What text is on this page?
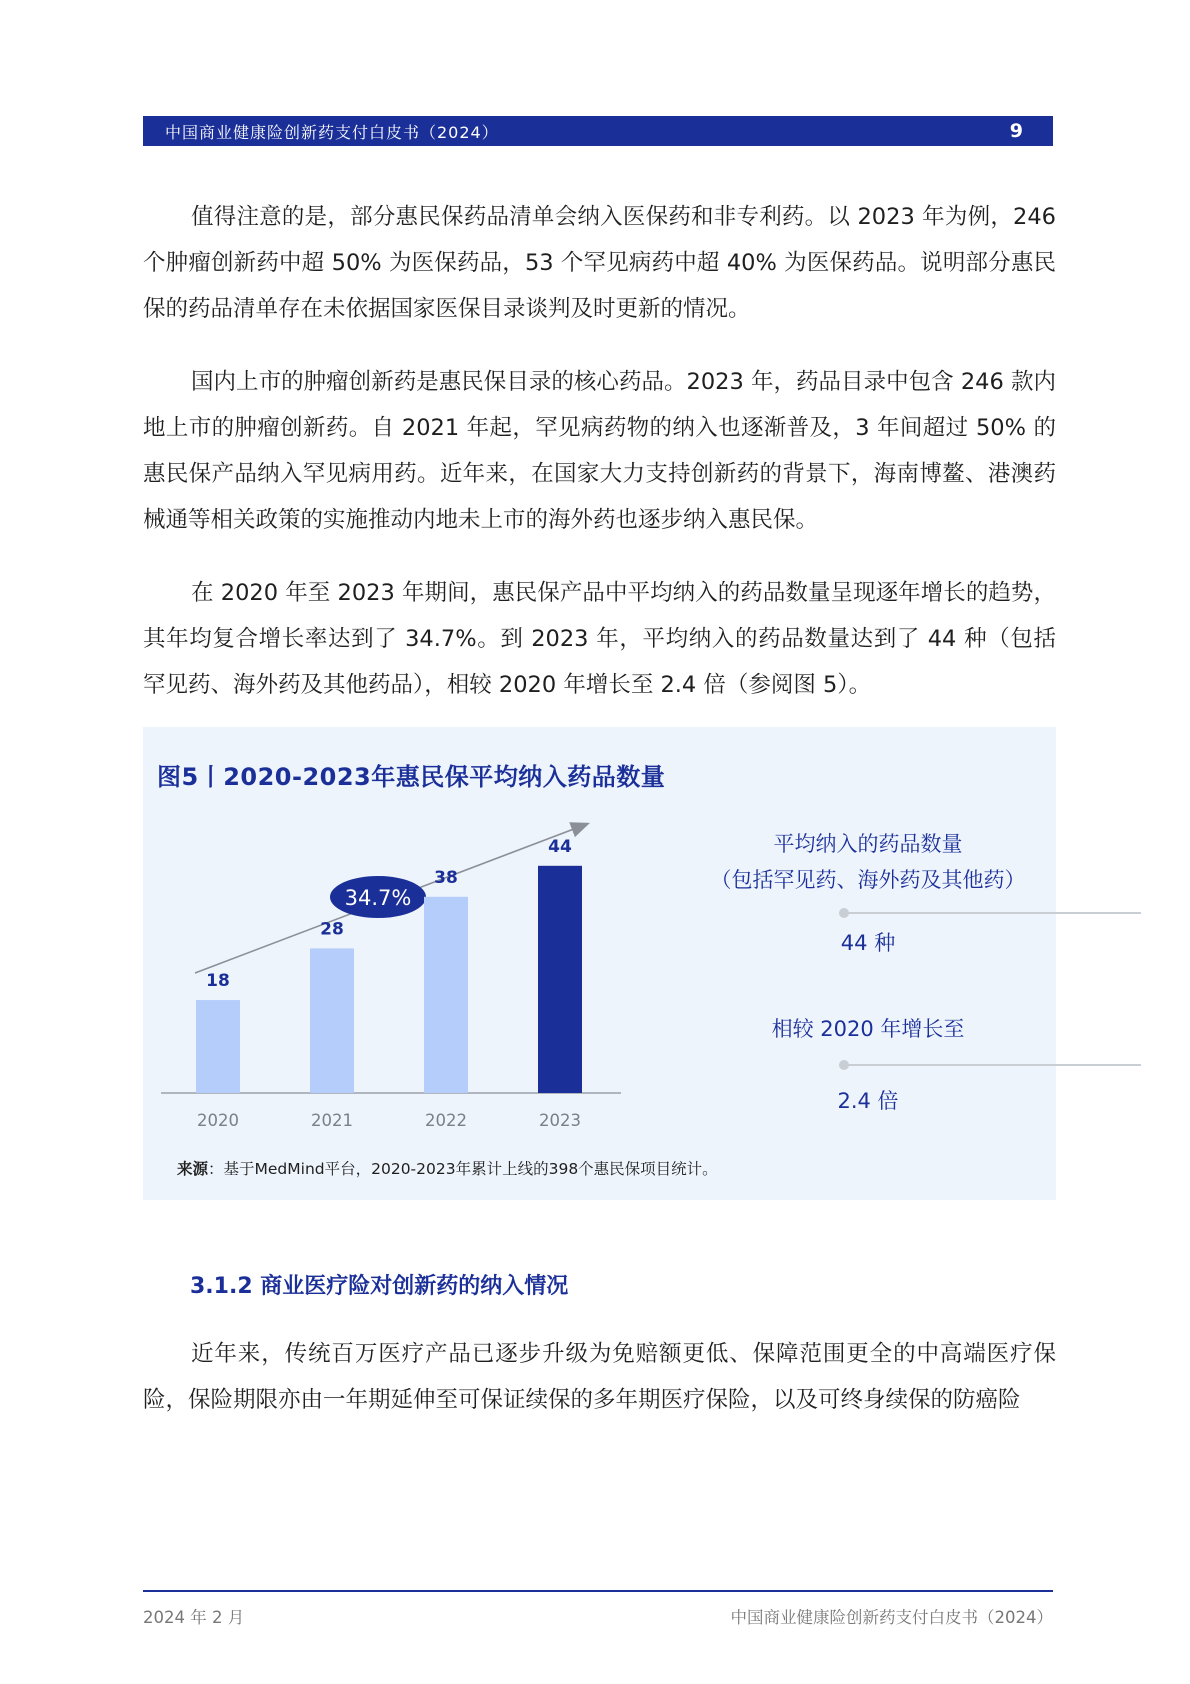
中国商业健康险创新药支付白皮书（2024）	9

值得注意的是，部分惠民保药品清单会纳入医保药和非专利药。以 2023 年为例，246 个肿瘤创新药中超 50% 为医保药品，53 个罕见病药中超 40% 为医保药品。说明部分惠民保的药品清单存在未依据国家医保目录谈判及时更新的情况。

国内上市的肿瘤创新药是惠民保目录的核心药品。2023 年，药品目录中包含 246 款内地上市的肿瘤创新药。自 2021 年起，罕见病药物的纳入也逐渐普及，3 年间超过 50% 的惠民保产品纳入罕见病用药。近年来，在国家大力支持创新药的背景下，海南博鳌、港澳药械通等相关政策的实施推动内地未上市的海外药也逐步纳入惠民保。

在 2020 年至 2023 年期间，惠民保产品中平均纳入的药品数量呈现逐年增长的趋势，其年均复合增长率达到了 34.7%。到 2023 年，平均纳入的药品数量达到了 44 种（包括罕见药、海外药及其他药品），相较 2020 年增长至 2.4 倍（参阅图 5）。

图5丨2020-2023年惠民保平均纳入药品数量
34.7%
18
2020
28
2021
38
2022
44
2023
平均纳入的药品数量
（包括罕见药、海外药及其他药）
44 种
相较 2020 年增长至
2.4 倍
来源：基于MedMind平台，2020-2023年累计上线的398个惠民保项目统计。
3.1.2 商业医疗险对创新药的纳入情况

近年来，传统百万医疗产品已逐步升级为免赔额更低、保障范围更全的中高端医疗保险，保险期限亦由一年期延伸至可保证续保的多年期医疗保险，以及可终身续保的防癌险

2024 年 2 月	中国商业健康险创新药支付白皮书（2024）
